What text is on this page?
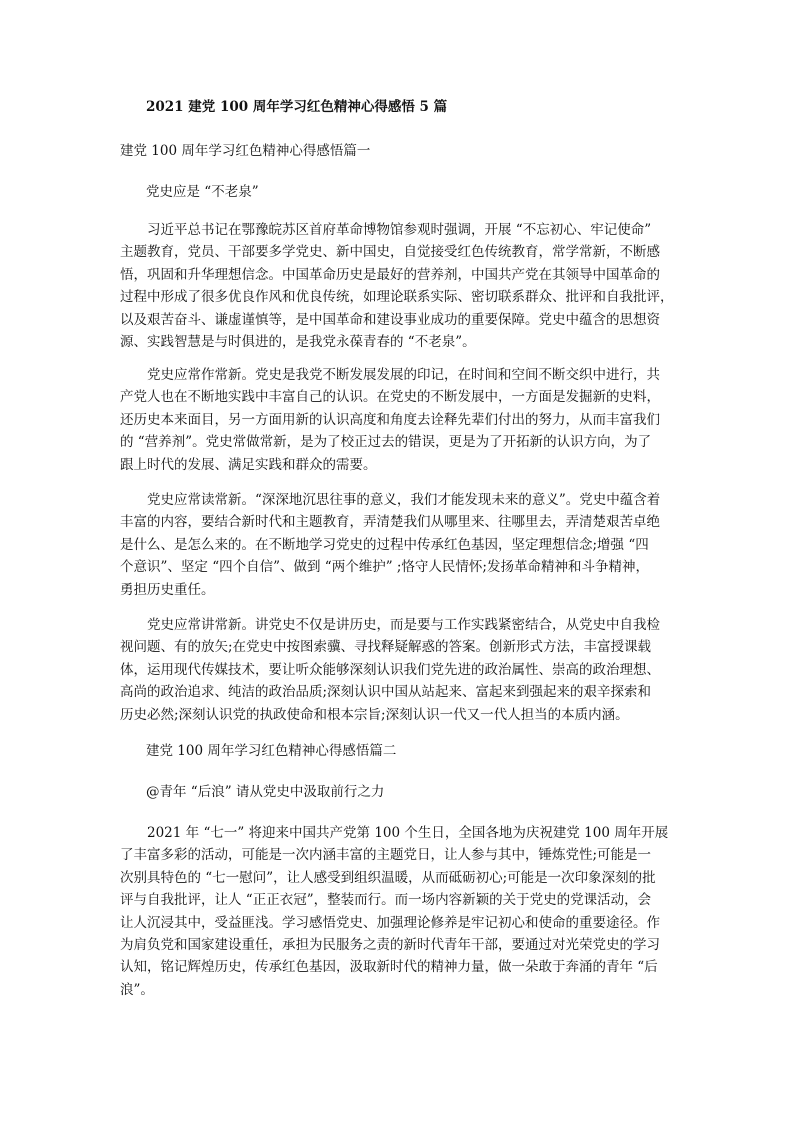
2021 建党 100 周年学习红色精神心得感悟 5 篇

建党 100 周年学习红色精神心得感悟篇一

党史应是 “不老泉”

习近平总书记在鄂豫皖苏区首府革命博物馆参观时强调，开展 “不忘初心、牢记使命”
主题教育，党员、干部要多学党史、新中国史，自觉接受红色传统教育，常学常新，不断感
悟，巩固和升华理想信念。中国革命历史是最好的营养剂，中国共产党在其领导中国革命的
过程中形成了很多优良作风和优良传统，如理论联系实际、密切联系群众、批评和自我批评，
以及艰苦奋斗、谦虚谨慎等，是中国革命和建设事业成功的重要保障。党史中蕴含的思想资
源、实践智慧是与时俱进的，是我党永葆青春的 “不老泉”。
党史应常作常新。党史是我党不断发展发展的印记，在时间和空间不断交织中进行，共
产党人也在不断地实践中丰富自己的认识。在党史的不断发展中，一方面是发掘新的史料，
还历史本来面目，另一方面用新的认识高度和角度去诠释先辈们付出的努力，从而丰富我们
的 “营养剂”。党史常做常新，是为了校正过去的错误，更是为了开拓新的认识方向，为了
跟上时代的发展、满足实践和群众的需要。
党史应常读常新。“深深地沉思往事的意义，我们才能发现未来的意义”。党史中蕴含着
丰富的内容，要结合新时代和主题教育，弄清楚我们从哪里来、往哪里去，弄清楚艰苦卓绝
是什么、是怎么来的。在不断地学习党史的过程中传承红色基因，坚定理想信念;增强 “四
个意识”、坚定 “四个自信”、做到 “两个维护” ;恪守人民情怀;发扬革命精神和斗争精神，
勇担历史重任。
党史应常讲常新。讲党史不仅是讲历史，而是要与工作实践紧密结合，从党史中自我检
视问题、有的放矢;在党史中按图索骥、寻找释疑解惑的答案。创新形式方法，丰富授课载
体，运用现代传媒技术，要让听众能够深刻认识我们党先进的政治属性、崇高的政治理想、
高尚的政治追求、纯洁的政治品质;深刻认识中国从站起来、富起来到强起来的艰辛探索和
历史必然;深刻认识党的执政使命和根本宗旨;深刻认识一代又一代人担当的本质内涵。

建党 100 周年学习红色精神心得感悟篇二

@青年 “后浪” 请从党史中汲取前行之力

2021 年 “七一” 将迎来中国共产党第 100 个生日，全国各地为庆祝建党 100 周年开展
了丰富多彩的活动，可能是一次内涵丰富的主题党日，让人参与其中，锤炼党性;可能是一
次别具特色的 “七一慰问”，让人感受到组织温暖，从而砥砺初心;可能是一次印象深刻的批
评与自我批评，让人 “正正衣冠”，整装而行。而一场内容新颖的关于党史的党课活动，会
让人沉浸其中，受益匪浅。学习感悟党史、加强理论修养是牢记初心和使命的重要途径。作
为肩负党和国家建设重任，承担为民服务之责的新时代青年干部，要通过对光荣党史的学习
认知，铭记辉煌历史，传承红色基因，汲取新时代的精神力量，做一朵敢于奔涌的青年 “后
浪”。
